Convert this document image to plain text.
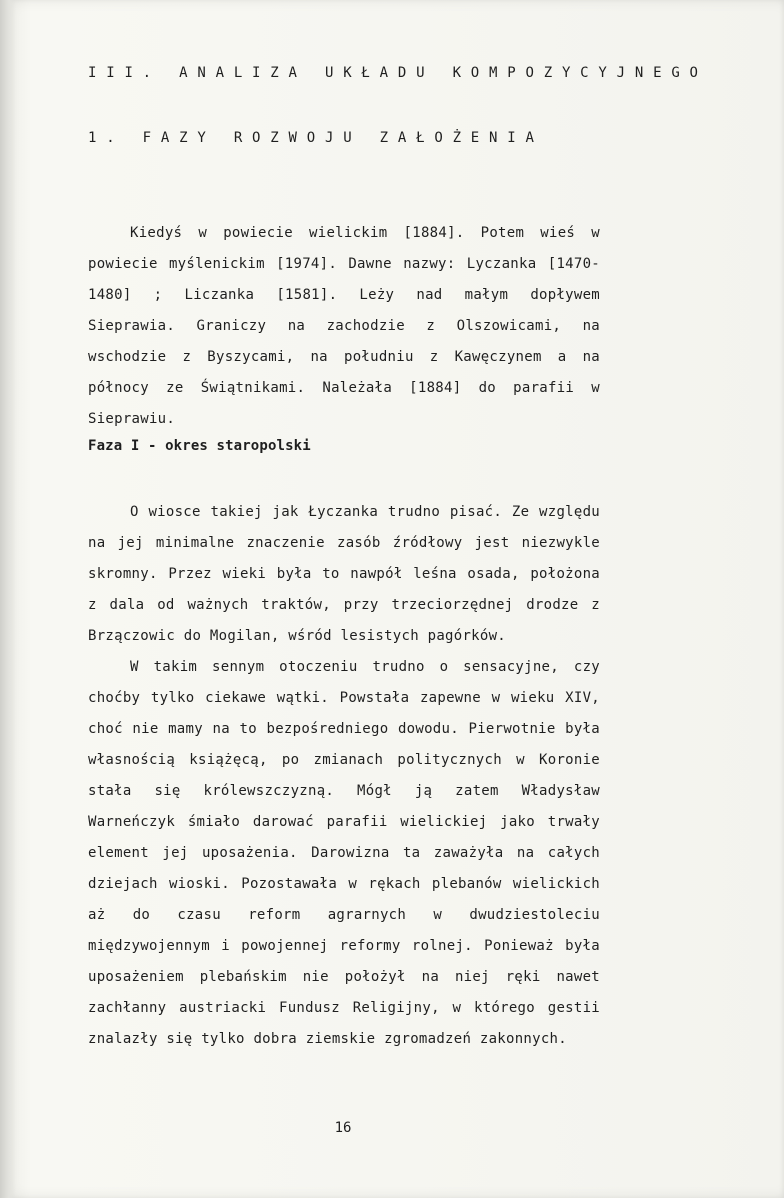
III. ANALIZA UKŁADU KOMPOZYCYJNEGO
1. FAZY ROZWOJU ZAŁOŻENIA

Kiedyś w powiecie wielickim [1884]. Potem wieś w powiecie myślenickim [1974]. Dawne nazwy: Lyczanka [1470-1480] ; Liczanka [1581]. Leży nad małym dopływem Sieprawia. Graniczy na zachodzie z Olszowicami, na wschodzie z Byszycami, na południu z Kawęczynem a na północy ze Świątnikami. Należała [1884] do parafii w Sieprawiu.

Faza I - okres staropolski

O wiosce takiej jak Łyczanka trudno pisać. Ze względu na jej minimalne znaczenie zasób źródłowy jest niezwykle skromny. Przez wieki była to nawpół leśna osada, położona z dala od ważnych traktów, przy trzeciorzędnej drodze z Brzączowic do Mogilan, wśród lesistych pagórków.

W takim sennym otoczeniu trudno o sensacyjne, czy choćby tylko ciekawe wątki. Powstała zapewne w wieku XIV, choć nie mamy na to bezpośredniego dowodu. Pierwotnie była własnością książęcą, po zmianach politycznych w Koronie stała się królewszczyzną. Mógł ją zatem Władysław Warneńczyk śmiało darować parafii wielickiej jako trwały element jej uposażenia. Darowizna ta zaważyła na całych dziejach wioski. Pozostawała w rękach plebanów wielickich aż do czasu reform agrarnych w dwudziestoleciu międzywojennym i powojennej reformy rolnej. Ponieważ była uposażeniem plebańskim nie położył na niej ręki nawet zachłanny austriacki Fundusz Religijny, w którego gestii znalazły się tylko dobra ziemskie zgromadzeń zakonnych.

16
